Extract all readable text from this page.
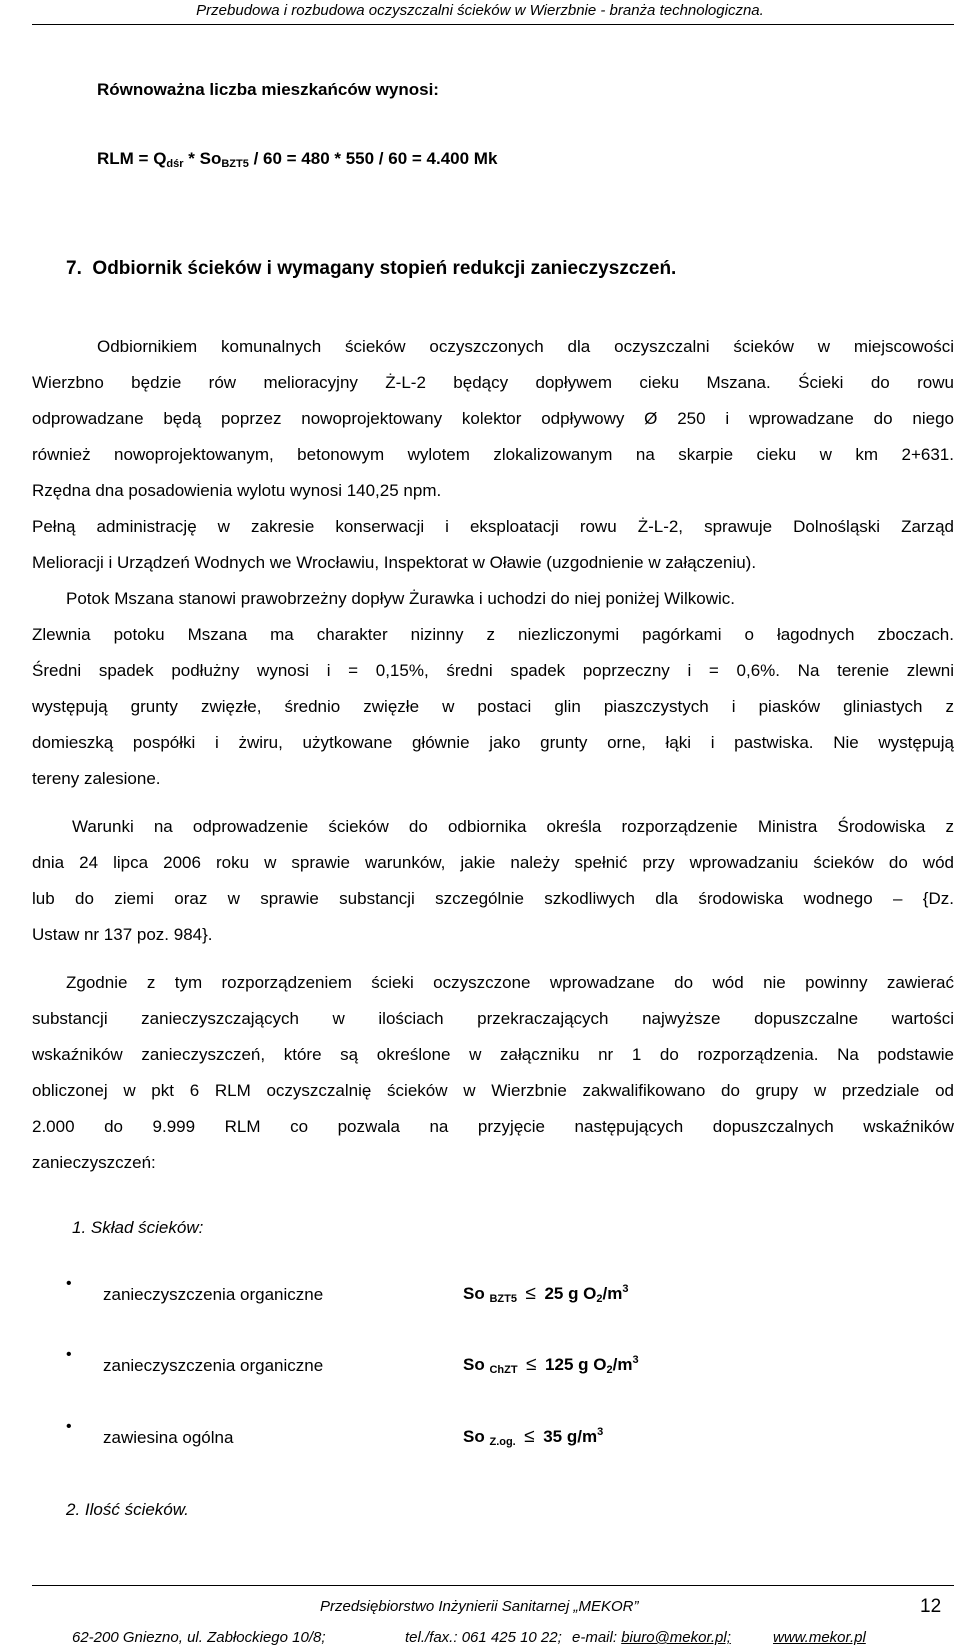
Przebudowa i rozbudowa oczyszczalni ścieków w Wierzbnie - branża technologiczna.
Równoważna liczba mieszkańców wynosi:
RLM = $Q_{dśr} * So_{BZT5} / 60 = 480 * 550 / 60 = 4.400$ Mk
7. Odbiornik ścieków i wymagany stopień redukcji zanieczyszczeń.
Odbiornikiem komunalnych ścieków oczyszczonych dla oczyszczalni ścieków w miejscowości
Wierzbno będzie rów melioracyjny Ż-L-2 będący dopływem cieku Mszana. Ścieki do rowu
odprowadzane będą poprzez nowoprojektowany kolektor odpływowy Ø 250 i wprowadzane do niego
również nowoprojektowanym, betonowym wylotem zlokalizowanym na skarpie cieku w km 2+631.
Rzędna dna posadowienia wylotu wynosi 140,25 npm.
Pełną administrację w zakresie konserwacji i eksploatacji rowu Ż-L-2, sprawuje Dolnośląski Zarząd
Melioracji i Urządzeń Wodnych we Wrocławiu, Inspektorat w Oławie (uzgodnienie w załączeniu).
Potok Mszana stanowi prawobrzeżny dopływ Żurawka i uchodzi do niej poniżej Wilkowic.
Zlewnia potoku Mszana ma charakter nizinny z niezliczonymi pagórkami o łagodnych zboczach.
Średni spadek podłużny wynosi i = 0,15%, średni spadek poprzeczny i = 0,6%. Na terenie zlewni
występują grunty zwięzłe, średnio zwięzłe w postaci glin piaszczystych i piasków gliniastych z
domieszką pospółki i żwiru, użytkowane głównie jako grunty orne, łąki i pastwiska. Nie występują
tereny zalesione.
Warunki na odprowadzenie ścieków do odbiornika określa rozporządzenie Ministra Środowiska z
dnia 24 lipca 2006 roku w sprawie warunków, jakie należy spełnić przy wprowadzaniu ścieków do wód
lub do ziemi oraz w sprawie substancji szczególnie szkodliwych dla środowiska wodnego – {Dz.
Ustaw nr 137 poz. 984}.
Zgodnie z tym rozporządzeniem ścieki oczyszczone wprowadzane do wód nie powinny zawierać
substancji zanieczyszczających w ilościach przekraczających najwyższe dopuszczalne wartości
wskaźników zanieczyszczeń, które są określone w załączniku nr 1 do rozporządzenia. Na podstawie
obliczonej w pkt 6 RLM oczyszczalnię ścieków w Wierzbnie zakwalifikowano do grupy w przedziale od
2.000 do 9.999 RLM co pozwala na przyjęcie następujących dopuszczalnych wskaźników
zanieczyszczeń:
1. Skład ścieków:
•
zanieczyszczenia organiczne	So $_{BZT5}$ ≤ 25 g $O_2/m^3$
•
zanieczyszczenia organiczne	So $_{ChZT}$ ≤ 125 g $O_2/m^3$
•
zawiesina ogólna	So $_{Z.og.}$ ≤ 35 $g/m^3$
2. Ilość ścieków.
Przedsiębiorstwo Inżynierii Sanitarnej „MEKOR”	12
62-200 Gniezno, ul. Zabłockiego 10/8;	tel./fax.: 061 425 10 22; e-mail: biuro@mekor.pl;	www.mekor.pl
